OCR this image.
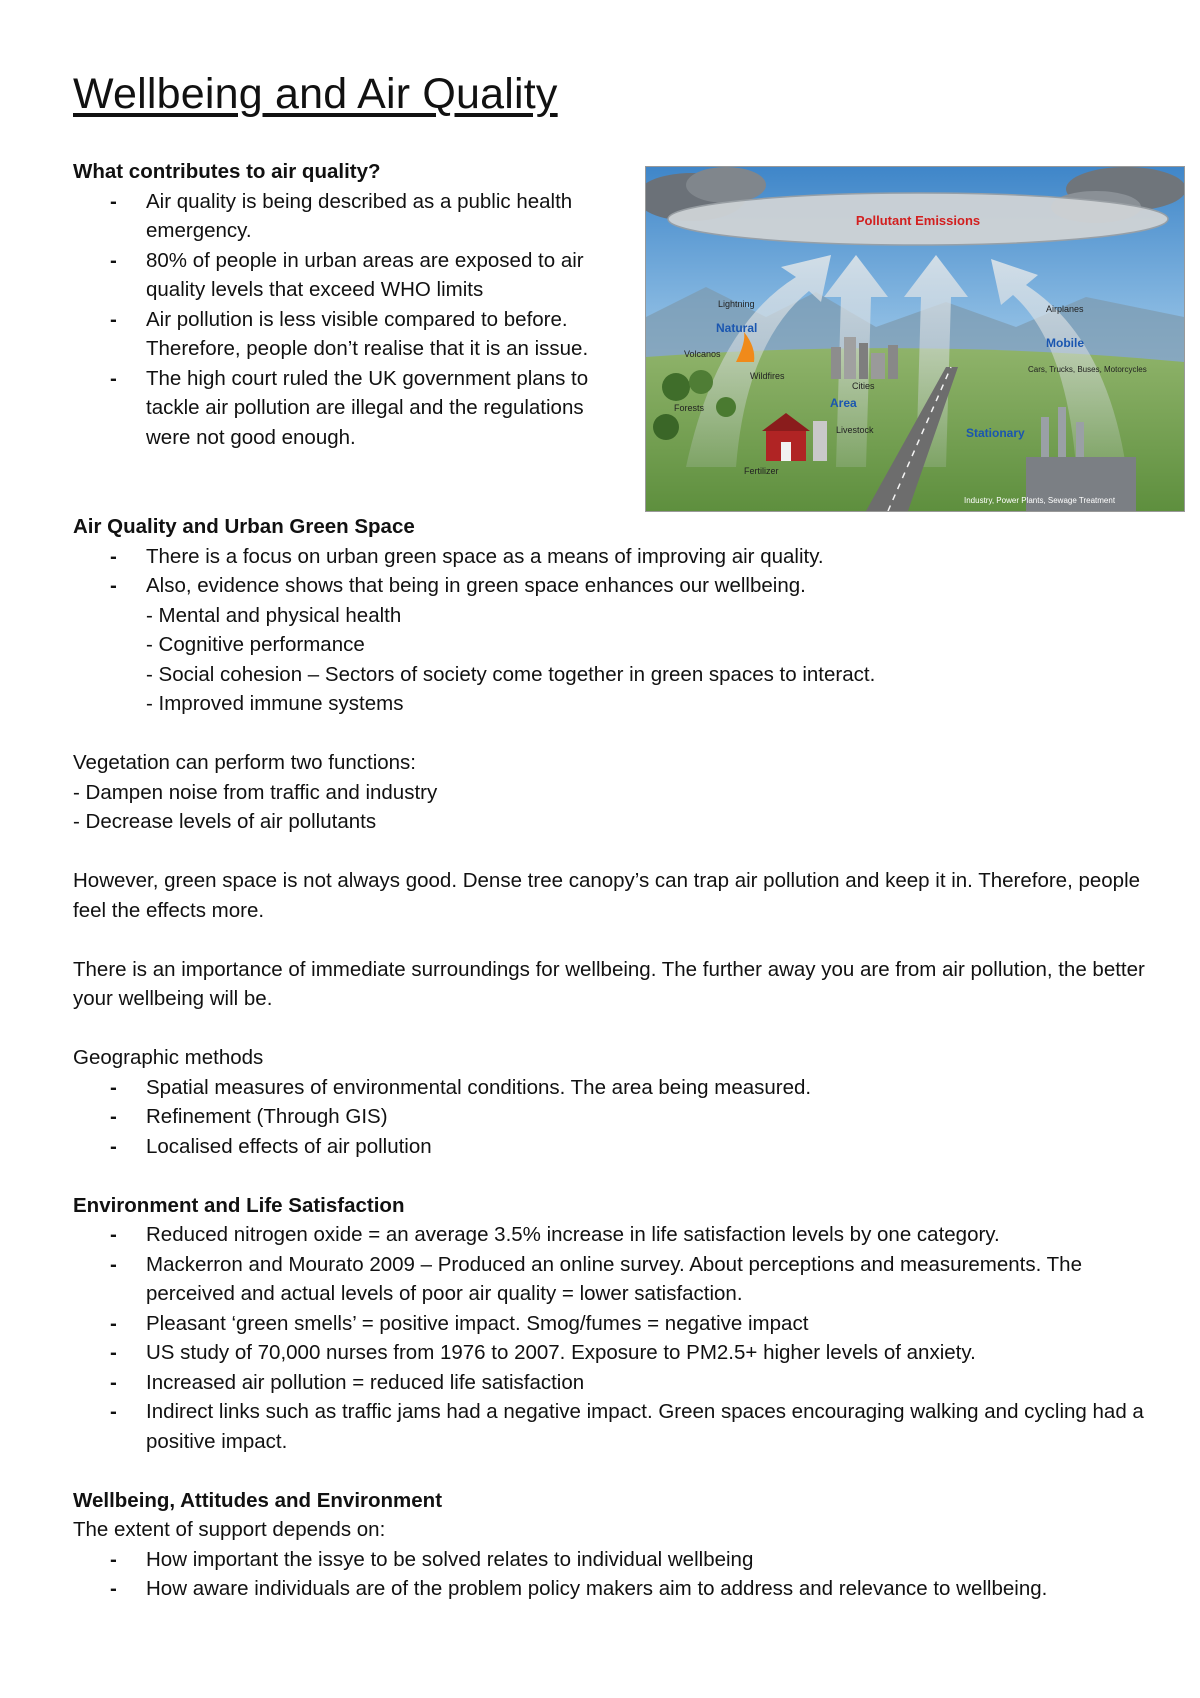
Wellbeing and Air Quality

What contributes to air quality?

- Air quality is being described as a public health emergency.
- 80% of people in urban areas are exposed to air quality levels that exceed WHO limits
- Air pollution is less visible compared to before. Therefore, people don’t realise that it is an issue.
- The high court ruled the UK government plans to tackle air pollution are illegal and the regulations were not good enough.
Pollutant Emissions
Lightning
Natural
Volcanos
Wildfires
Forests
Fertilizer
Area
Cities
Livestock
Airplanes
Mobile
Cars, Trucks, Buses, Motorcycles
Stationary
Industry, Power Plants, Sewage Treatment

Air Quality and Urban Green Space

- There is a focus on urban green space as a means of improving air quality.
- Also, evidence shows that being in green space enhances our wellbeing.

- Mental and physical health

- Cognitive performance

- Social cohesion – Sectors of society come together in green spaces to interact.

- Improved immune systems

Vegetation can perform two functions:

- Dampen noise from traffic and industry

- Decrease levels of air pollutants

However, green space is not always good. Dense tree canopy’s can trap air pollution and keep it in. Therefore, people feel the effects more.

There is an importance of immediate surroundings for wellbeing. The further away you are from air pollution, the better your wellbeing will be.

Geographic methods

- Spatial measures of environmental conditions. The area being measured.
- Refinement (Through GIS)
- Localised effects of air pollution

Environment and Life Satisfaction

- Reduced nitrogen oxide = an average 3.5% increase in life satisfaction levels by one category.
- Mackerron and Mourato 2009 – Produced an online survey. About perceptions and measurements. The perceived and actual levels of poor air quality = lower satisfaction.
- Pleasant ‘green smells’ = positive impact. Smog/fumes = negative impact
- US study of 70,000 nurses from 1976 to 2007. Exposure to PM2.5+ higher levels of anxiety.
- Increased air pollution = reduced life satisfaction
- Indirect links such as traffic jams had a negative impact. Green spaces encouraging walking and cycling had a positive impact.

Wellbeing, Attitudes and Environment

The extent of support depends on:

- How important the issye to be solved relates to individual wellbeing
- How aware individuals are of the problem policy makers aim to address and relevance to wellbeing.
